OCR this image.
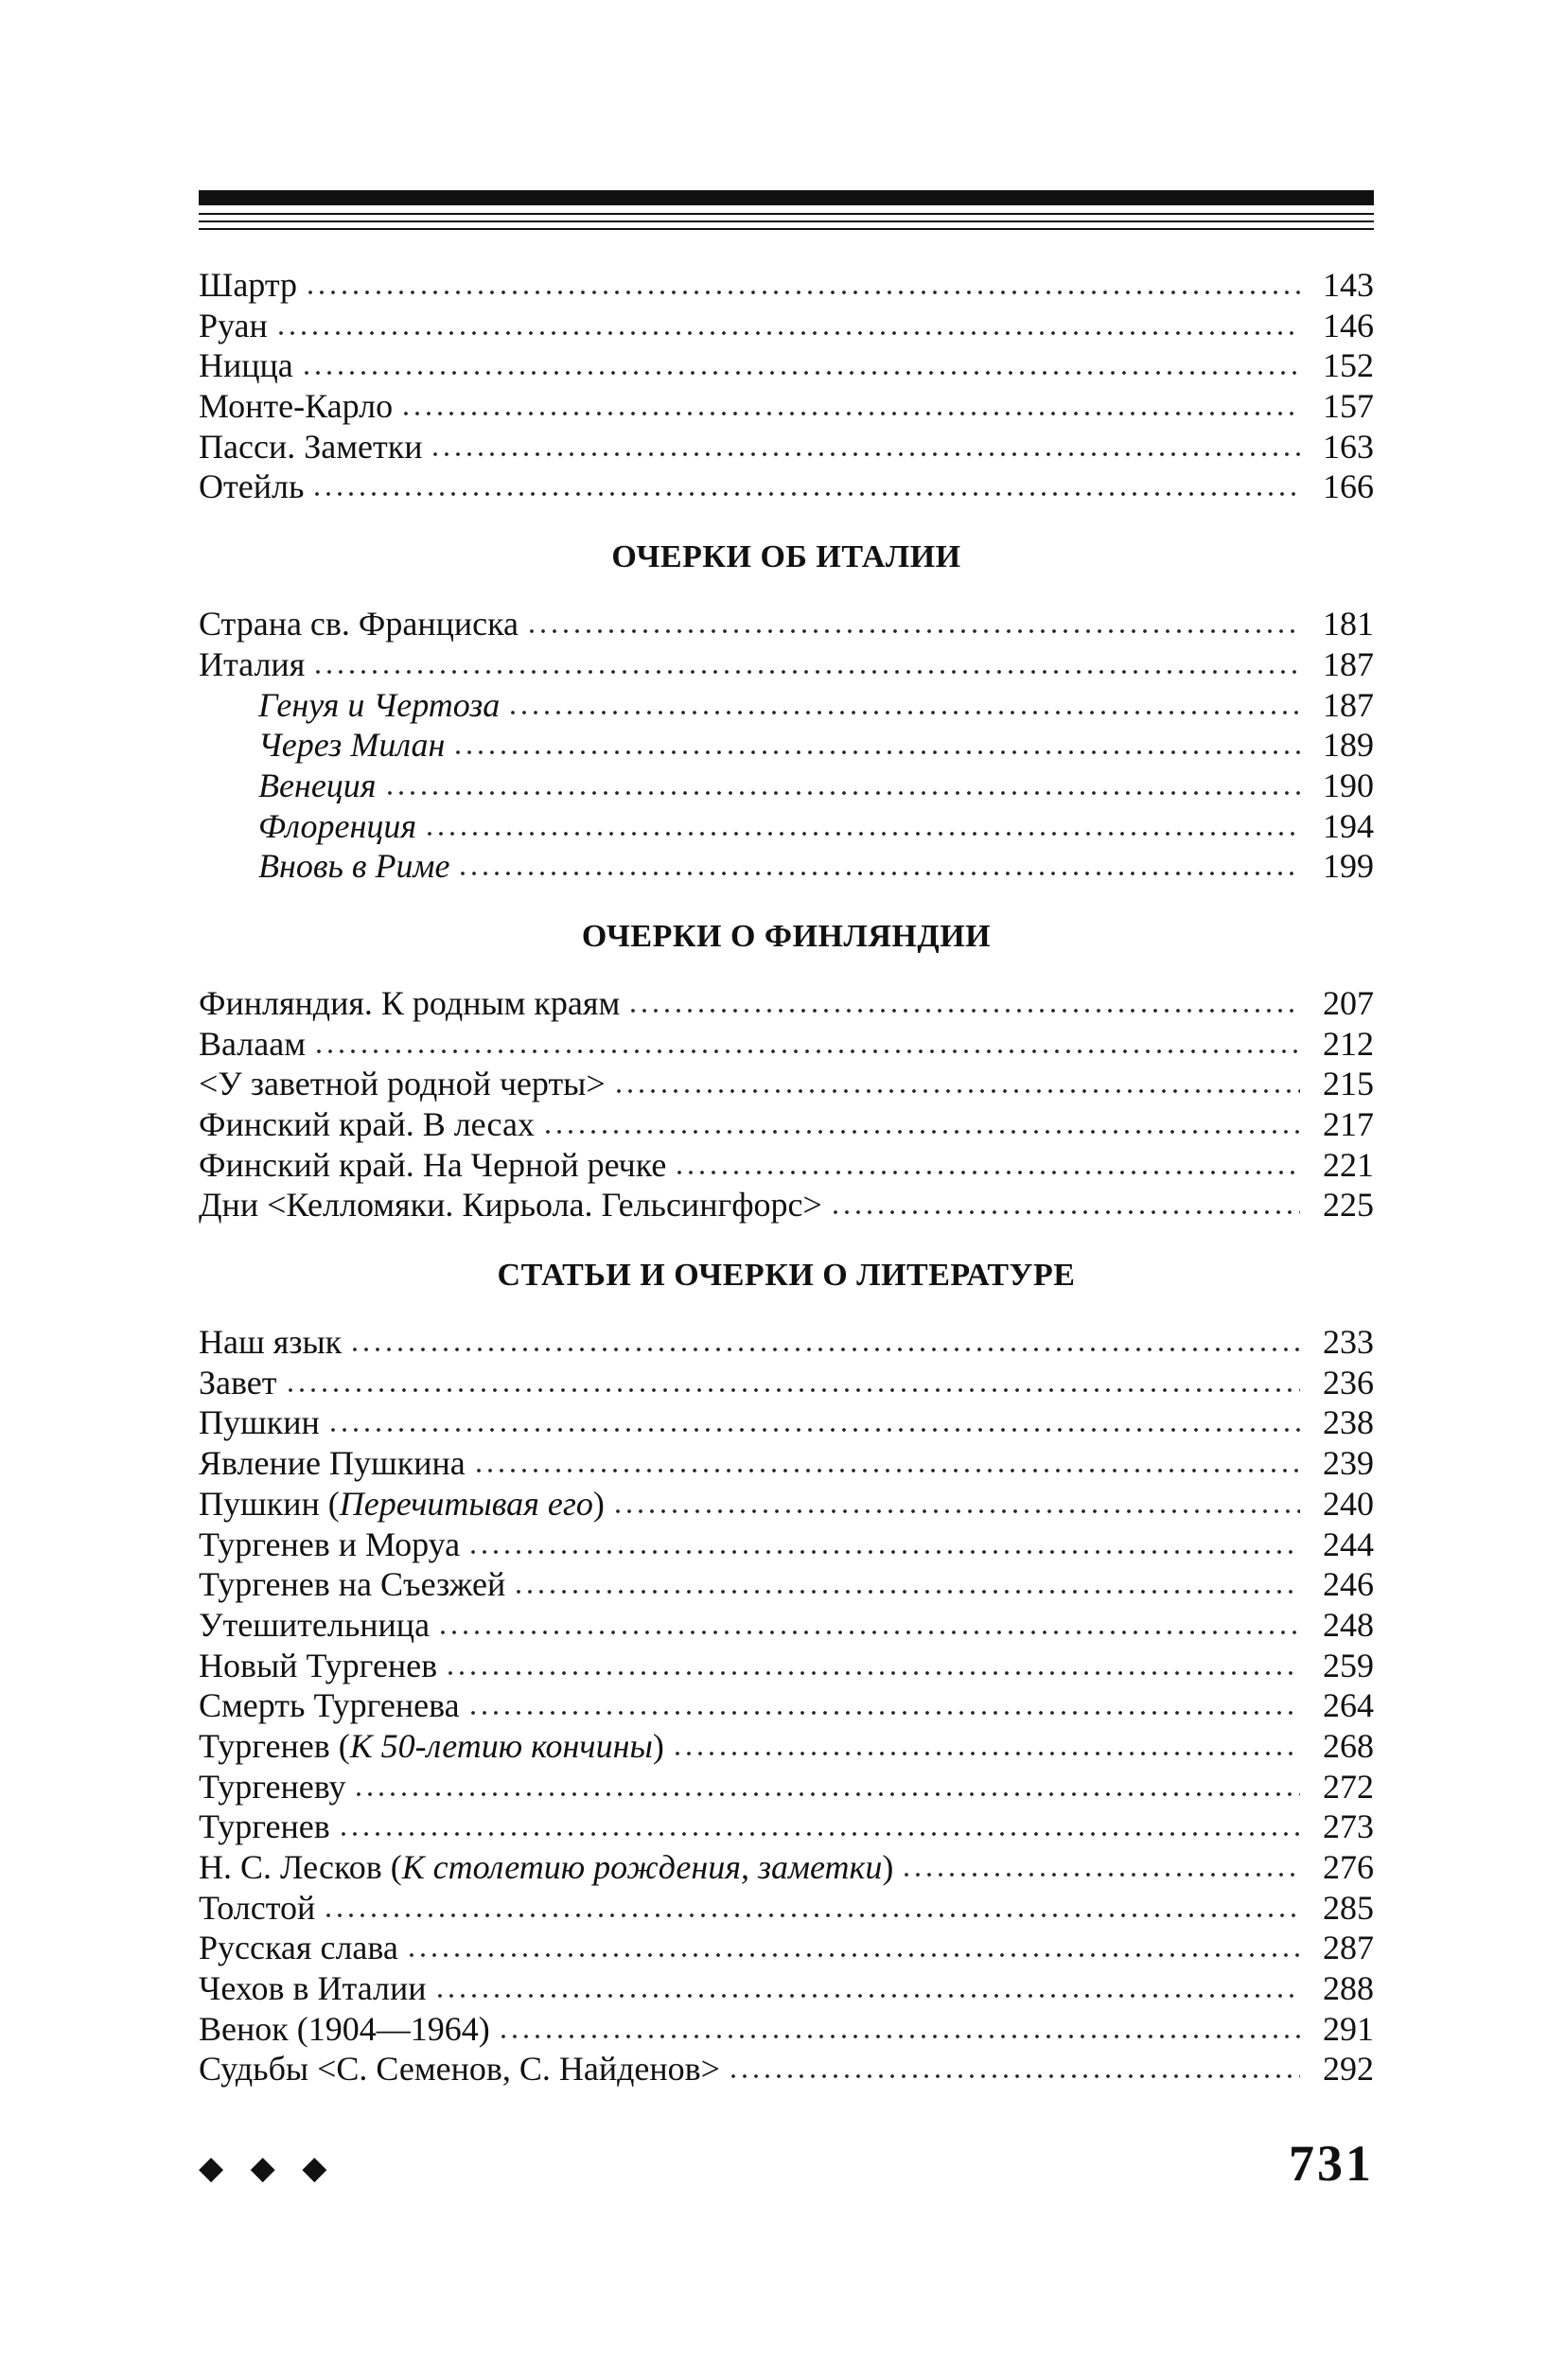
Шартр	143
Руан	146
Ницца	152
Монте-Карло	157
Пасси. Заметки	163
Отейль	166
ОЧЕРКИ ОБ ИТАЛИИ
Страна св. Франциска	181
Италия	187
Генуя и Чертоза	187
Через Милан	189
Венеция	190
Флоренция	194
Вновь в Риме	199
ОЧЕРКИ О ФИНЛЯНДИИ
Финляндия. К родным краям	207
Валаам	212
<У заветной родной черты>	215
Финский край. В лесах	217
Финский край. На Черной речке	221
Дни <Келломяки. Кирьола. Гельсингфорс>	225
СТАТЬИ И ОЧЕРКИ О ЛИТЕРАТУРЕ
Наш язык	233
Завет	236
Пушкин	238
Явление Пушкина	239
Пушкин (Перечитывая его)	240
Тургенев и Моруа	244
Тургенев на Съезжей	246
Утешительница	248
Новый Тургенев	259
Смерть Тургенева	264
Тургенев (К 50-летию кончины)	268
Тургеневу	272
Тургенев	273
Н. С. Лесков (К столетию рождения, заметки)	276
Толстой	285
Русская слава	287
Чехов в Италии	288
Венок (1904—1964)	291
Судьбы <С. Семенов, С. Найденов>	292
◆ ◆ ◆	731
